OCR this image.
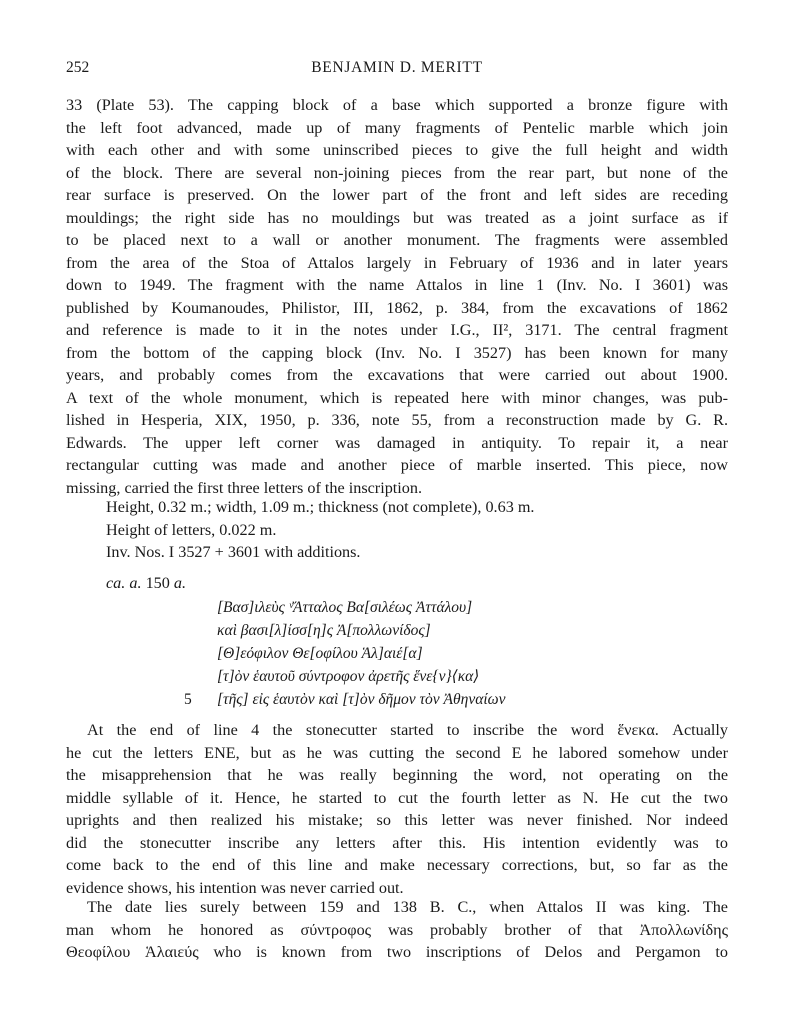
252	BENJAMIN D. MERITT
33 (Plate 53). The capping block of a base which supported a bronze figure with
the left foot advanced, made up of many fragments of Pentelic marble which join
with each other and with some uninscribed pieces to give the full height and width
of the block. There are several non-joining pieces from the rear part, but none of the
rear surface is preserved. On the lower part of the front and left sides are receding
mouldings; the right side has no mouldings but was treated as a joint surface as if
to be placed next to a wall or another monument. The fragments were assembled
from the area of the Stoa of Attalos largely in February of 1936 and in later years
down to 1949. The fragment with the name Attalos in line 1 (Inv. No. I 3601) was
published by Koumanoudes, Philistor, III, 1862, p. 384, from the excavations of 1862
and reference is made to it in the notes under I.G., II², 3171. The central fragment
from the bottom of the capping block (Inv. No. I 3527) has been known for many
years, and probably comes from the excavations that were carried out about 1900.
A text of the whole monument, which is repeated here with minor changes, was pub-
lished in Hesperia, XIX, 1950, p. 336, note 55, from a reconstruction made by G. R.
Edwards. The upper left corner was damaged in antiquity. To repair it, a near
rectangular cutting was made and another piece of marble inserted. This piece, now
missing, carried the first three letters of the inscription.
Height, 0.32 m.; width, 1.09 m.; thickness (not complete), 0.63 m.
Height of letters, 0.022 m.
Inv. Nos. I 3527 + 3601 with additions.
ca. a. 150 a.
[Βασ]ιλεὺς ᵛἌτταλος Βα[σιλέως Ἀττάλου]
καὶ βασι[λ]ίσσ[η]ς Ἀ[πολλωνίδος]
[Θ]εόφιλον Θε[οφίλου Ἁλ]αιέ[α]
[τ]ὸν ἑαυτοῦ σύντροφον ἀρετῆς ἕνε{ν}⟨κα⟩
5	[τῆς] εἰς ἑαυτὸν καὶ [τ]ὸν δῆμον τὸν Ἀθηναίων
At the end of line 4 the stonecutter started to inscribe the word ἕνεκα. Actually
he cut the letters ENE, but as he was cutting the second E he labored somehow under
the misapprehension that he was really beginning the word, not operating on the
middle syllable of it. Hence, he started to cut the fourth letter as N. He cut the two
uprights and then realized his mistake; so this letter was never finished. Nor indeed
did the stonecutter inscribe any letters after this. His intention evidently was to
come back to the end of this line and make necessary corrections, but, so far as the
evidence shows, his intention was never carried out.
The date lies surely between 159 and 138 B. C., when Attalos II was king. The
man whom he honored as σύντροφος was probably brother of that Ἀπολλωνίδης
Θεοφίλου Ἁλαιεύς who is known from two inscriptions of Delos and Pergamon to
